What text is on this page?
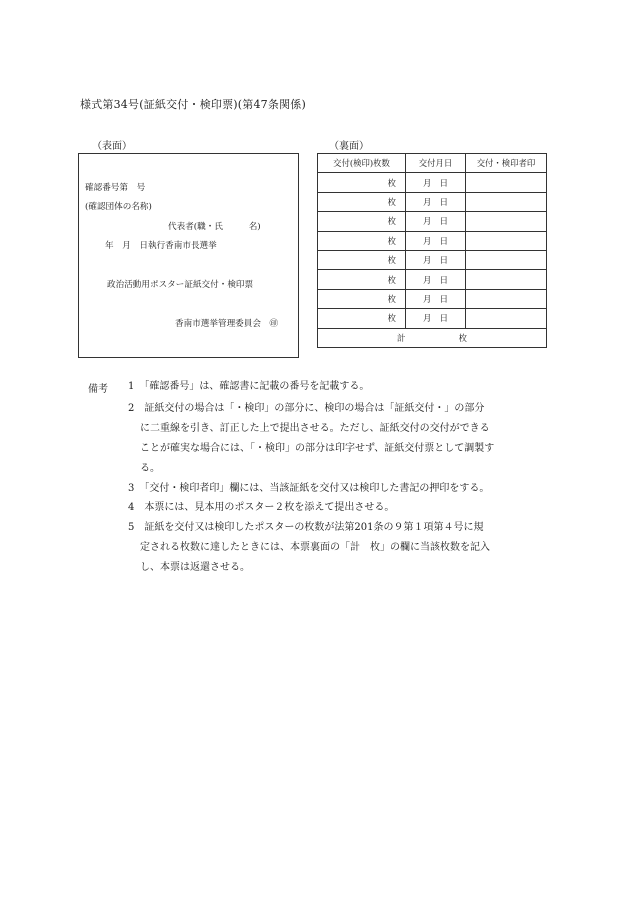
様式第34号(証紙交付・検印票)(第47条関係)
（表面）	（裏面）
確認番号第　号
(確認団体の名称)
代表者(職・氏　　　名)
年　月　日執行香南市長選挙
政治活動用ポスター証紙交付・検印票
香南市選挙管理委員会　㊞
交付(検印)枚数	交付月日	交付・検印者印
枚	月　日	
枚	月　日	
枚	月　日	
枚	月　日	
枚	月　日	
枚	月　日	
枚	月　日	
枚	月　日	
計 枚		
備考 1　「確認番号」は、確認書に記載の番号を記載する。
2　証紙交付の場合は「・検印」の部分に、検印の場合は「証紙交付・」の部分
に二重線を引き、訂正した上で提出させる。ただし、証紙交付の交付ができる
ことが確実な場合には、「・検印」の部分は印字せず、証紙交付票として調製す
る。
3　「交付・検印者印」欄には、当該証紙を交付又は検印した書記の押印をする。
4　本票には、見本用のポスター２枚を添えて提出させる。
5　証紙を交付又は検印したポスターの枚数が法第201条の９第１項第４号に規
定される枚数に達したときには、本票裏面の「計　枚」の欄に当該枚数を記入
し、本票は返還させる。
